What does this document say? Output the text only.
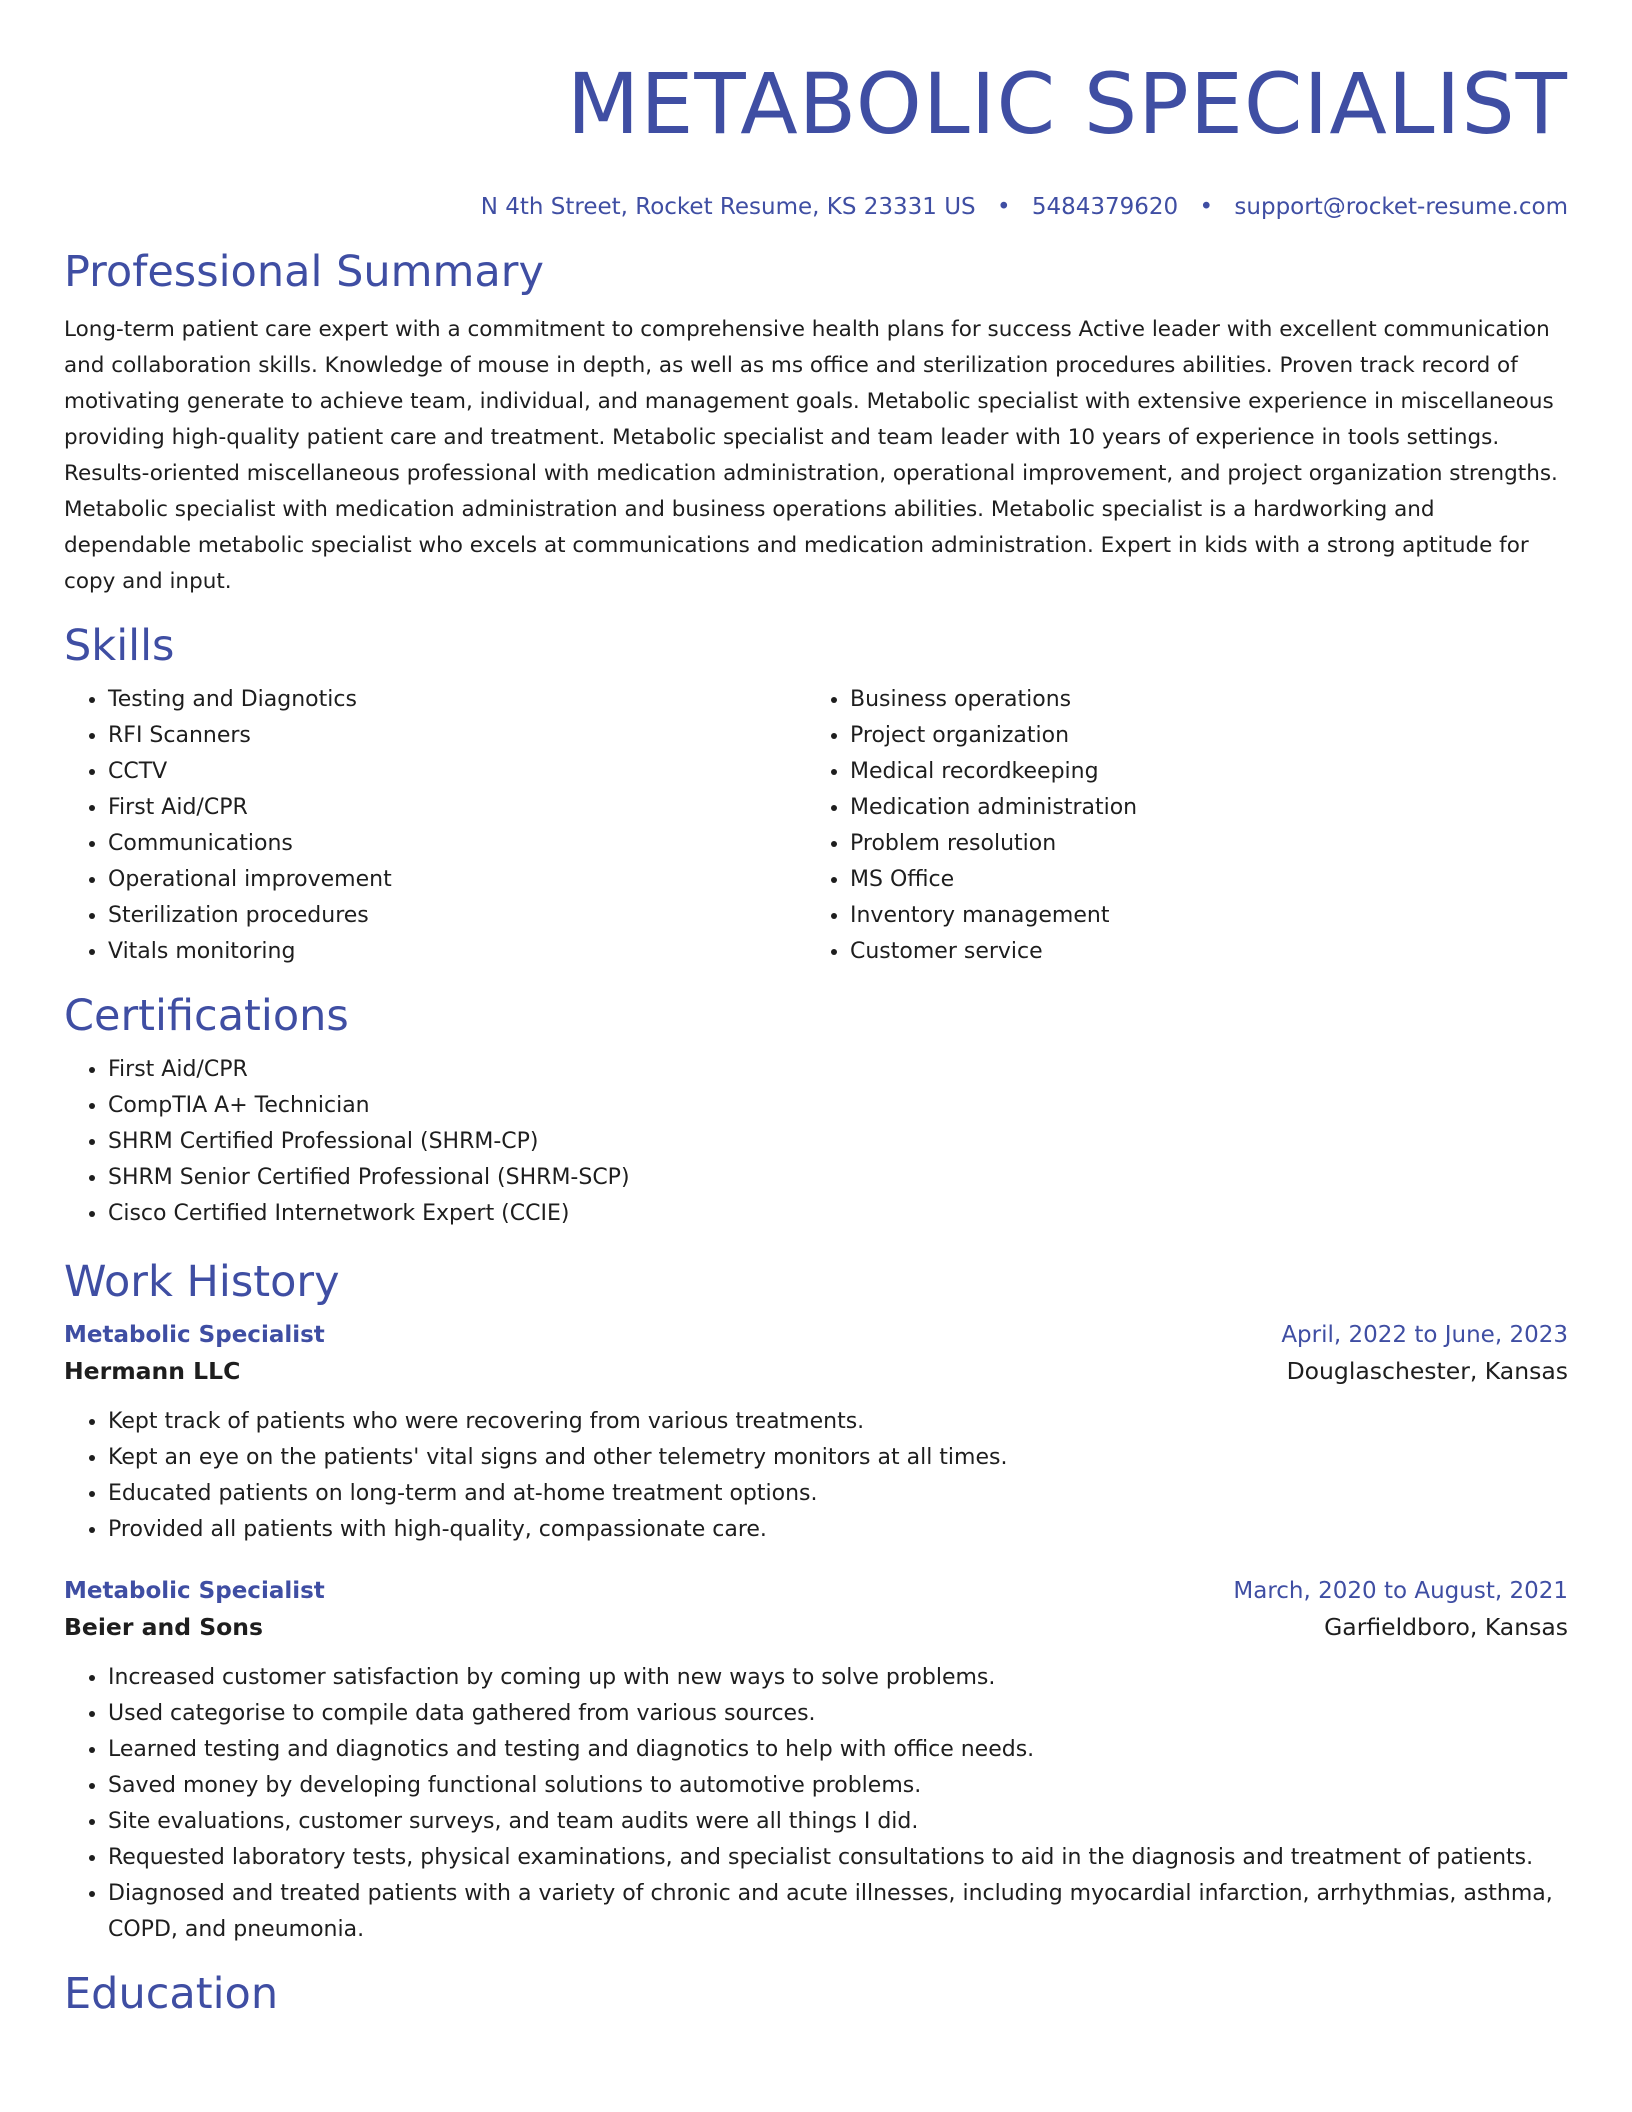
METABOLIC SPECIALIST
N 4th Street, Rocket Resume, KS 23331 US • 5484379620 • support@rocket-resume.com
Professional Summary
Long-term patient care expert with a commitment to comprehensive health plans for success Active leader with excellent communication and collaboration skills. Knowledge of mouse in depth, as well as ms office and sterilization procedures abilities. Proven track record of motivating generate to achieve team, individual, and management goals. Metabolic specialist with extensive experience in miscellaneous providing high-quality patient care and treatment. Metabolic specialist and team leader with 10 years of experience in tools settings. Results-oriented miscellaneous professional with medication administration, operational improvement, and project organization strengths. Metabolic specialist with medication administration and business operations abilities. Metabolic specialist is a hardworking and dependable metabolic specialist who excels at communications and medication administration. Expert in kids with a strong aptitude for copy and input.
Skills
• Testing and Diagnotics
• RFI Scanners
• CCTV
• First Aid/CPR
• Communications
• Operational improvement
• Sterilization procedures
• Vitals monitoring
• Business operations
• Project organization
• Medical recordkeeping
• Medication administration
• Problem resolution
• MS Office
• Inventory management
• Customer service
Certifications
• First Aid/CPR
• CompTIA A+ Technician
• SHRM Certified Professional (SHRM-CP)
• SHRM Senior Certified Professional (SHRM-SCP)
• Cisco Certified Internetwork Expert (CCIE)
Work History
Metabolic Specialist	April, 2022 to June, 2023
Hermann LLC	Douglaschester, Kansas
• Kept track of patients who were recovering from various treatments.
• Kept an eye on the patients' vital signs and other telemetry monitors at all times.
• Educated patients on long-term and at-home treatment options.
• Provided all patients with high-quality, compassionate care.
Metabolic Specialist	March, 2020 to August, 2021
Beier and Sons	Garfieldboro, Kansas
• Increased customer satisfaction by coming up with new ways to solve problems.
• Used categorise to compile data gathered from various sources.
• Learned testing and diagnotics and testing and diagnotics to help with office needs.
• Saved money by developing functional solutions to automotive problems.
• Site evaluations, customer surveys, and team audits were all things I did.
• Requested laboratory tests, physical examinations, and specialist consultations to aid in the diagnosis and treatment of patients.
• Diagnosed and treated patients with a variety of chronic and acute illnesses, including myocardial infarction, arrhythmias, asthma, COPD, and pneumonia.
Education
